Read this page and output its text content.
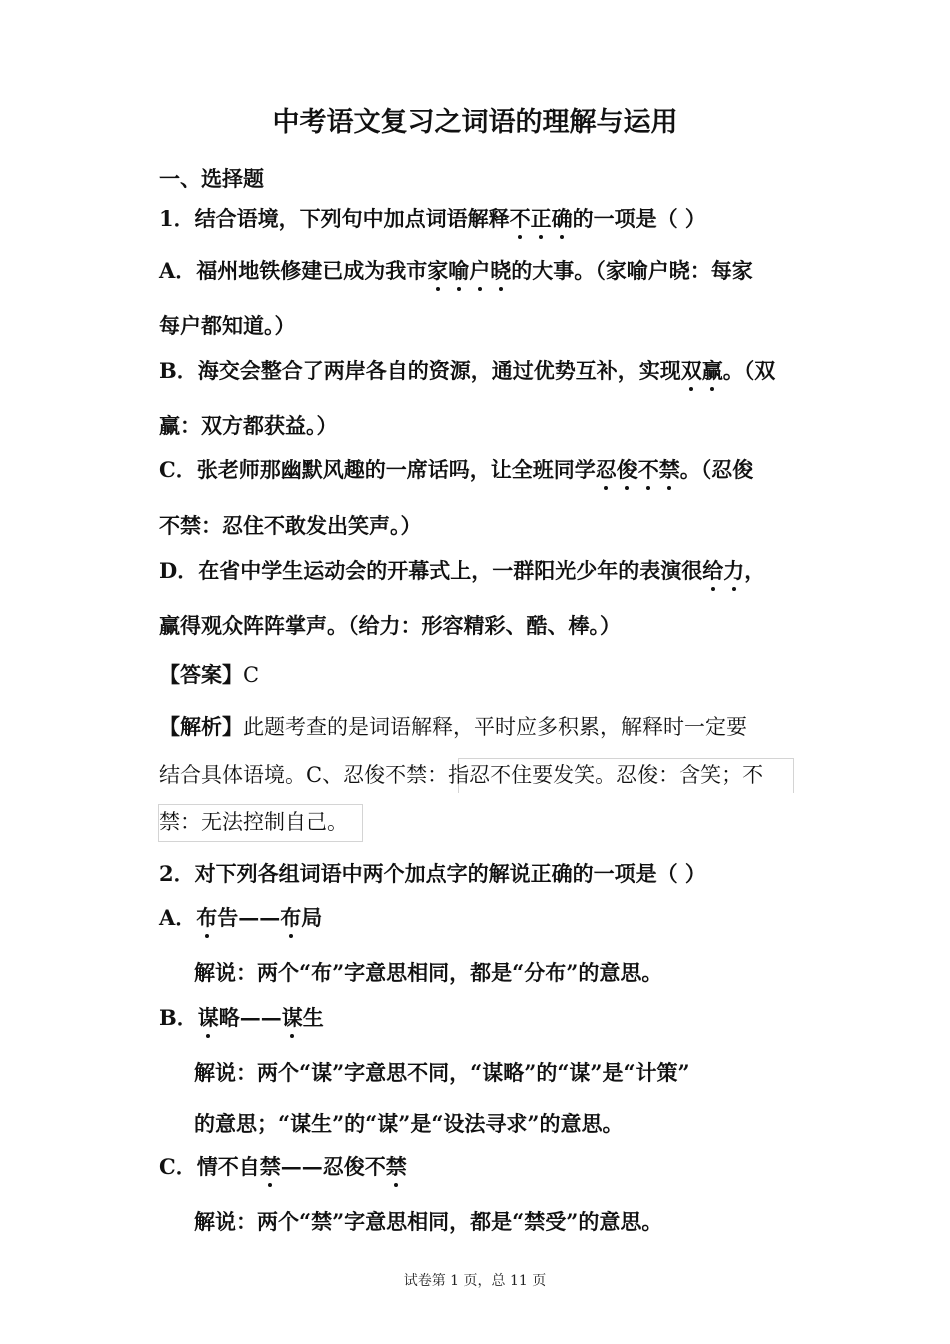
中考语文复习之词语的理解与运用
一、选择题
1．结合语境，下列句中加点词语解释不正确的一项是（ ）
A．福州地铁修建已成为我市家喻户晓的大事。（家喻户晓：每家
每户都知道。）
B．海交会整合了两岸各自的资源，通过优势互补，实现双赢。（双
赢：双方都获益。）
C．张老师那幽默风趣的一席话吗，让全班同学忍俊不禁。（忍俊
不禁：忍住不敢发出笑声。）
D．在省中学生运动会的开幕式上，一群阳光少年的表演很给力，
赢得观众阵阵掌声。（给力：形容精彩、酷、棒。）
【答案】C
【解析】此题考查的是词语解释，平时应多积累，解释时一定要
结合具体语境。C、忍俊不禁：指忍不住要发笑。忍俊：含笑；不
禁：无法控制自己。
2．对下列各组词语中两个加点字的解说正确的一项是（ ）
A．布告——布局
解说：两个“布”字意思相同，都是“分布”的意思。
B．谋略——谋生
解说：两个“谋”字意思不同，“谋略”的“谋”是“计策”
的意思；“谋生”的“谋”是“设法寻求”的意思。
C．情不自禁——忍俊不禁
解说：两个“禁”字意思相同，都是“禁受”的意思。
试卷第 1 页，总 11 页
